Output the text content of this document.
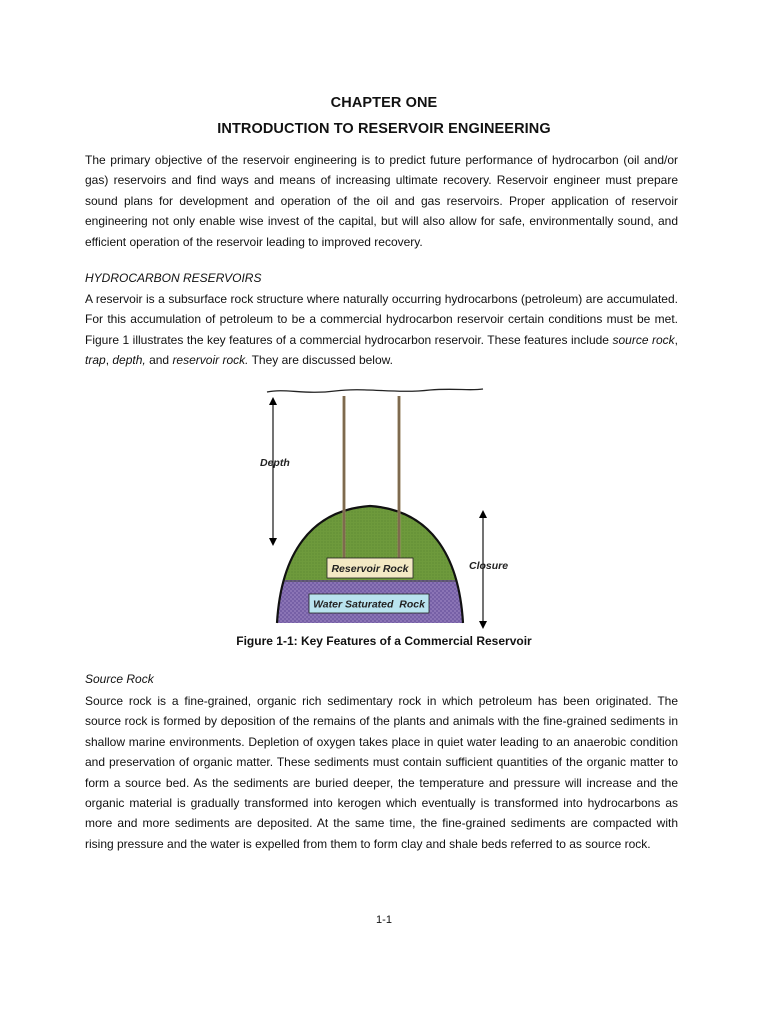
CHAPTER ONE
INTRODUCTION TO RESERVOIR ENGINEERING

The primary objective of the reservoir engineering is to predict future performance of hydrocarbon (oil and/or gas) reservoirs and find ways and means of increasing ultimate recovery. Reservoir engineer must prepare sound plans for development and operation of the oil and gas reservoirs. Proper application of reservoir engineering not only enable wise invest of the capital, but will also allow for safe, environmentally sound, and efficient operation of the reservoir leading to improved recovery.

HYDROCARBON RESERVOIRS

A reservoir is a subsurface rock structure where naturally occurring hydrocarbons (petroleum) are accumulated. For this accumulation of petroleum to be a commercial hydrocarbon reservoir certain conditions must be met. Figure 1 illustrates the key features of a commercial hydrocarbon reservoir. These features include source rock, trap, depth, and reservoir rock. They are discussed below.

Reservoir Rock
Water Saturated  Rock
Depth
Closure
Figure 1-1: Key Features of a Commercial Reservoir

Source Rock

Source rock is a fine-grained, organic rich sedimentary rock in which petroleum has been originated. The source rock is formed by deposition of the remains of the plants and animals with the fine-grained sediments in shallow marine environments. Depletion of oxygen takes place in quiet water leading to an anaerobic condition and preservation of organic matter. These sediments must contain sufficient quantities of the organic matter to form a source bed. As the sediments are buried deeper, the temperature and pressure will increase and the organic material is gradually transformed into kerogen which eventually is transformed into hydrocarbons as more and more sediments are deposited. At the same time, the fine-grained sediments are compacted with rising pressure and the water is expelled from them to form clay and shale beds referred to as source rock.

1-1
